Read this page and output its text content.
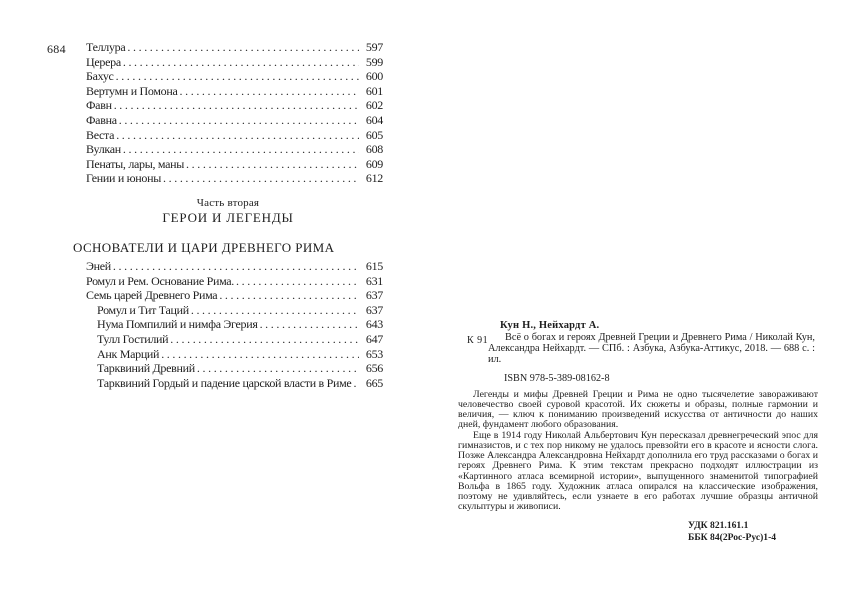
684 Теллура .....	597
Церера .....	599
Бахус .....	600
Вертумн и Помона .....	601
Фавн .....	602
Фавна .....	604
Веста .....	605
Вулкан .....	608
Пенаты, лары, маны .....	609
Гении и юноны .....	612
Часть вторая
ГЕРОИ И ЛЕГЕНДЫ
ОСНОВАТЕЛИ И ЦАРИ ДРЕВНЕГО РИМА
Эней .....	615
Ромул и Рем. Основание Рима. .....	631
Семь царей Древнего Рима .....	637
Ромул и Тит Таций .....	637
Нума Помпилий и нимфа Эгерия .....	643
Тулл Гостилий .....	647
Анк Марций .....	653
Тарквиний Древний .....	656
Тарквиний Гордый и падение царской власти в Риме .....	665
Кун Н., Нейхардт А.
К 91	Всё о богах и героях Древней Греции и Древнего Рима / Николай Кун, Александра Нейхардт. — СПб. : Азбука, Азбука-Аттикус, 2018. — 688 с. : ил.

ISBN 978-5-389-08162-8

Легенды и мифы Древней Греции и Рима не одно тысячелетие завораживают человечество своей суровой красотой. Их сюжеты и образы, полные гармонии и величия, — ключ к пониманию произведений искусства от античности до наших дней, фундамент любого образования.

Еще в 1914 году Николай Альбертович Кун пересказал древнегреческий эпос для гимназистов, и с тех пор никому не удалось превзойти его в красоте и ясности слога. Позже Александра Александровна Нейхардт дополнила его труд рассказами о богах и героях Древнего Рима. К этим текстам прекрасно подходят иллюстрации из «Картинного атласа всемирной истории», выпущенного знаменитой типографией Вольфа в 1865 году. Художник атласа опирался на классические изображения, поэтому не удивляйтесь, если узнаете в его работах лучшие образцы античной скульптуры и живописи.

УДК 821.161.1
ББК 84(2Рос-Рус)1-4
